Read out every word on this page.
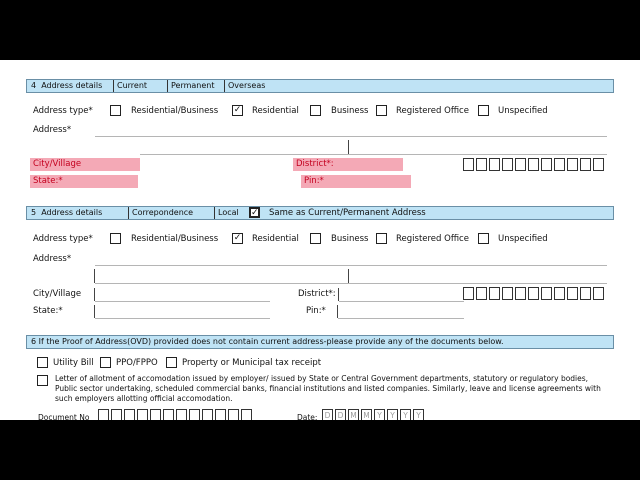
4 Address details	Current	Permanent	Overseas
Address type*	Residential/Business ✓	Residential	Business	Registered Office	Unspecified
Address*
City/Village	District*:
State:*	Pin:*
5 Address details	Correpondence	Local ✓	Same as Current/Permanent Address
Address type*	Residential/Business ✓	Residential	Business	Registered Office	Unspecified
Address*
City/Village	District*:
State:*	Pin:*
6 If the Proof of Address(OVD) provided does not contain current address-please provide any of the documents below.
Utility Bill	PPO/FPPO	Property or Municipal tax receipt
Letter of allotment of accomodation issued by employer/ issued by State or Central Government departments, statutory or regulatory bodies, Public sector undertaking, scheduled commercial banks, financial institutions and listed companies. Similarly, leave and license agreements with such employers allotting official accomodation.
Document No	Date: D D M M Y	Y	Y	Y
